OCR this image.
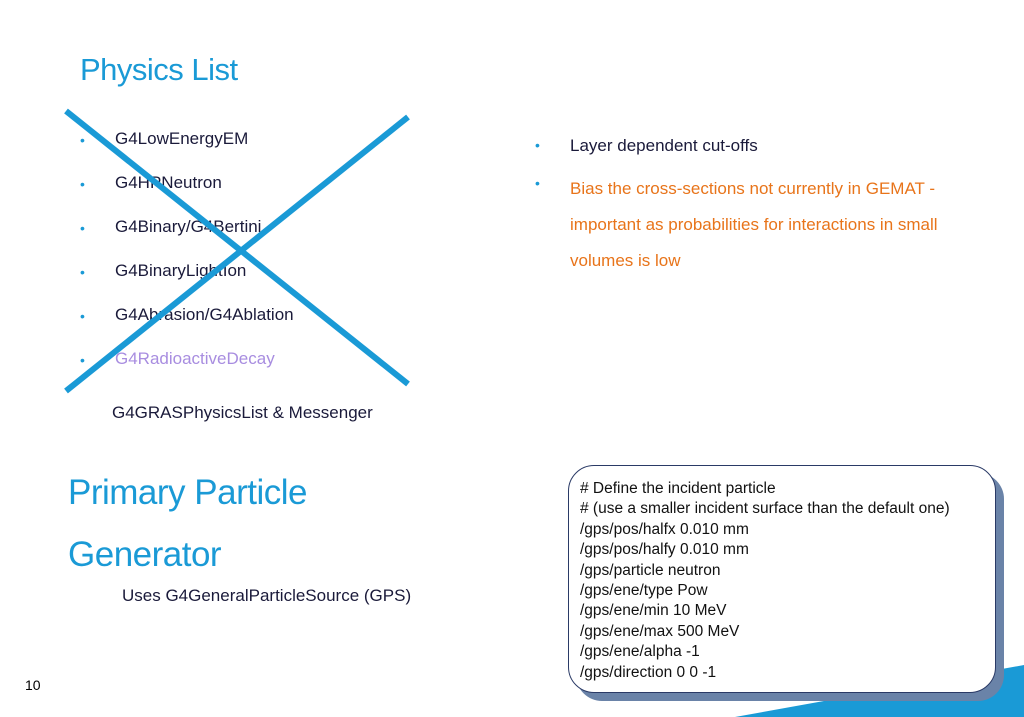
Physics List
• G4LowEnergyEM
• G4HPNeutron
• G4Binary/G4Bertini
• G4BinaryLightIon
• G4Abrasion/G4Ablation
• G4RadioactiveDecay
G4GRASPhysicsList & Messenger
• Layer dependent cut-offs
• Bias the cross-sections not currently in GEMAT - important as probabilities for interactions in small volumes is low
Primary Particle Generator
Uses G4GeneralParticleSource (GPS)
# Define the incident particle
# (use a smaller incident surface than the default one)
/gps/pos/halfx 0.010 mm
/gps/pos/halfy 0.010 mm
/gps/particle neutron
/gps/ene/type Pow
/gps/ene/min 10 MeV
/gps/ene/max 500 MeV
/gps/ene/alpha -1
/gps/direction 0 0 -1
10
